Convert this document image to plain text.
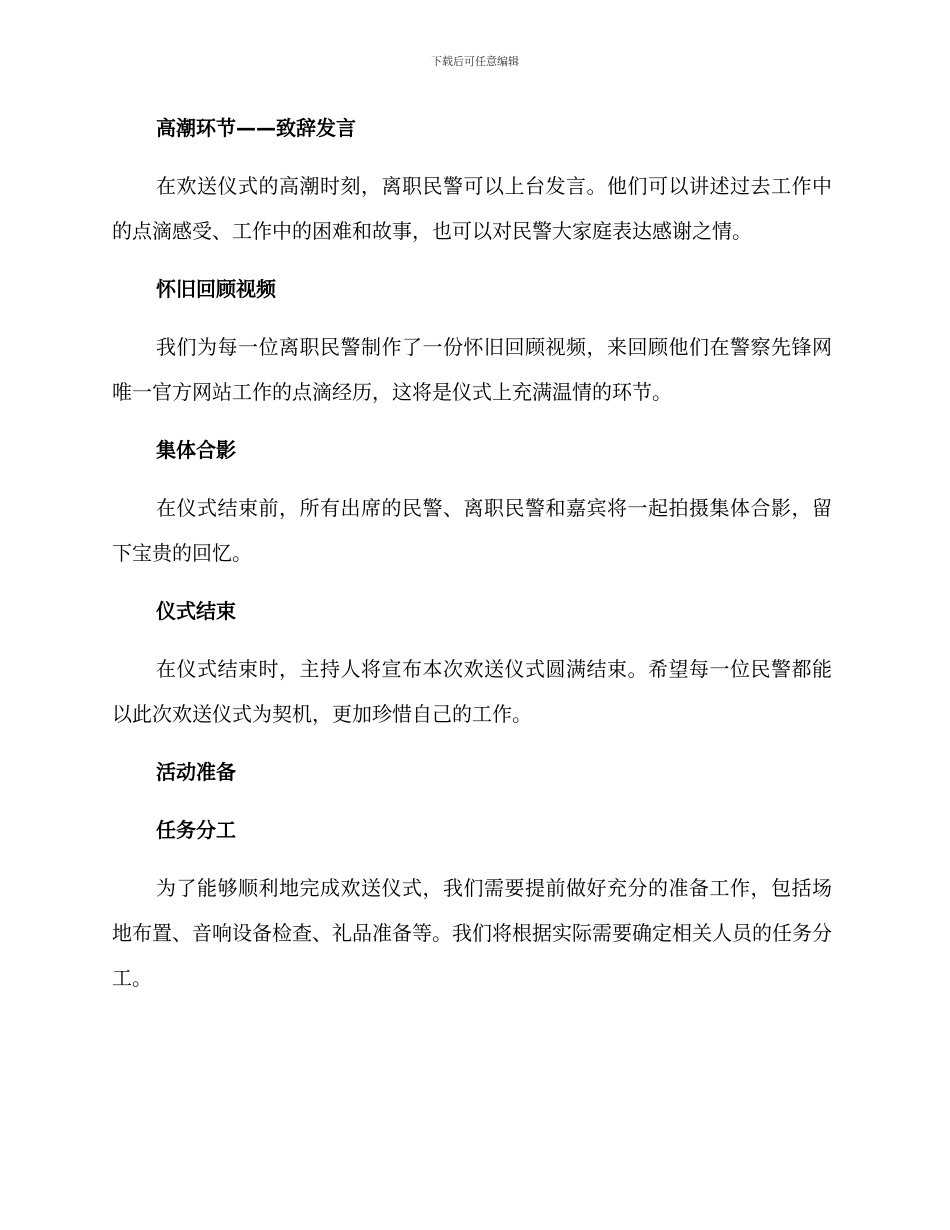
下载后可任意编辑
高潮环节——致辞发言
在欢送仪式的高潮时刻，离职民警可以上台发言。他们可以讲述过去工作中的点滴感受、工作中的困难和故事，也可以对民警大家庭表达感谢之情。
怀旧回顾视频
我们为每一位离职民警制作了一份怀旧回顾视频，来回顾他们在警察先锋网唯一官方网站工作的点滴经历，这将是仪式上充满温情的环节。
集体合影
在仪式结束前，所有出席的民警、离职民警和嘉宾将一起拍摄集体合影，留下宝贵的回忆。
仪式结束
在仪式结束时，主持人将宣布本次欢送仪式圆满结束。希望每一位民警都能以此次欢送仪式为契机，更加珍惜自己的工作。
活动准备
任务分工
为了能够顺利地完成欢送仪式，我们需要提前做好充分的准备工作，包括场地布置、音响设备检查、礼品准备等。我们将根据实际需要确定相关人员的任务分工。
